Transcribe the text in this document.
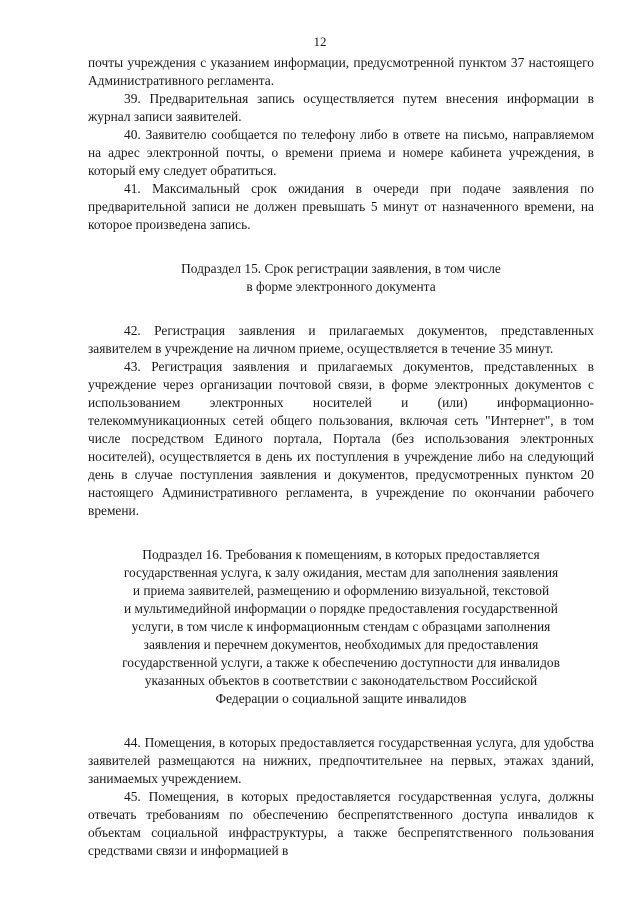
12

почты учреждения с указанием информации, предусмотренной пунктом 37 настоящего Административного регламента.

39. Предварительная запись осуществляется путем внесения информации в журнал записи заявителей.

40. Заявителю сообщается по телефону либо в ответе на письмо, направляемом на адрес электронной почты, о времени приема и номере кабинета учреждения, в который ему следует обратиться.

41. Максимальный срок ожидания в очереди при подаче заявления по предварительной записи не должен превышать 5 минут от назначенного времени, на которое произведена запись.

Подраздел 15. Срок регистрации заявления, в том числе
в форме электронного документа

42. Регистрация заявления и прилагаемых документов, представленных заявителем в учреждение на личном приеме, осуществляется в течение 35 минут.

43. Регистрация заявления и прилагаемых документов, представленных в учреждение через организации почтовой связи, в форме электронных документов с использованием электронных носителей и (или) информационно-телекоммуникационных сетей общего пользования, включая сеть "Интернет", в том числе посредством Единого портала, Портала (без использования электронных носителей), осуществляется в день их поступления в учреждение либо на следующий день в случае поступления заявления и документов, предусмотренных пунктом 20 настоящего Административного регламента, в учреждение по окончании рабочего времени.

Подраздел 16. Требования к помещениям, в которых предоставляется
государственная услуга, к залу ожидания, местам для заполнения заявления
и приема заявителей, размещению и оформлению визуальной, текстовой
и мультимедийной информации о порядке предоставления государственной
услуги, в том числе к информационным стендам с образцами заполнения
заявления и перечнем документов, необходимых для предоставления
государственной услуги, а также к обеспечению доступности для инвалидов
указанных объектов в соответствии с законодательством Российской
Федерации о социальной защите инвалидов

44. Помещения, в которых предоставляется государственная услуга, для удобства заявителей размещаются на нижних, предпочтительнее на первых, этажах зданий, занимаемых учреждением.

45. Помещения, в которых предоставляется государственная услуга, должны отвечать требованиям по обеспечению беспрепятственного доступа инвалидов к объектам социальной инфраструктуры, а также беспрепятственного пользования средствами связи и информацией в
